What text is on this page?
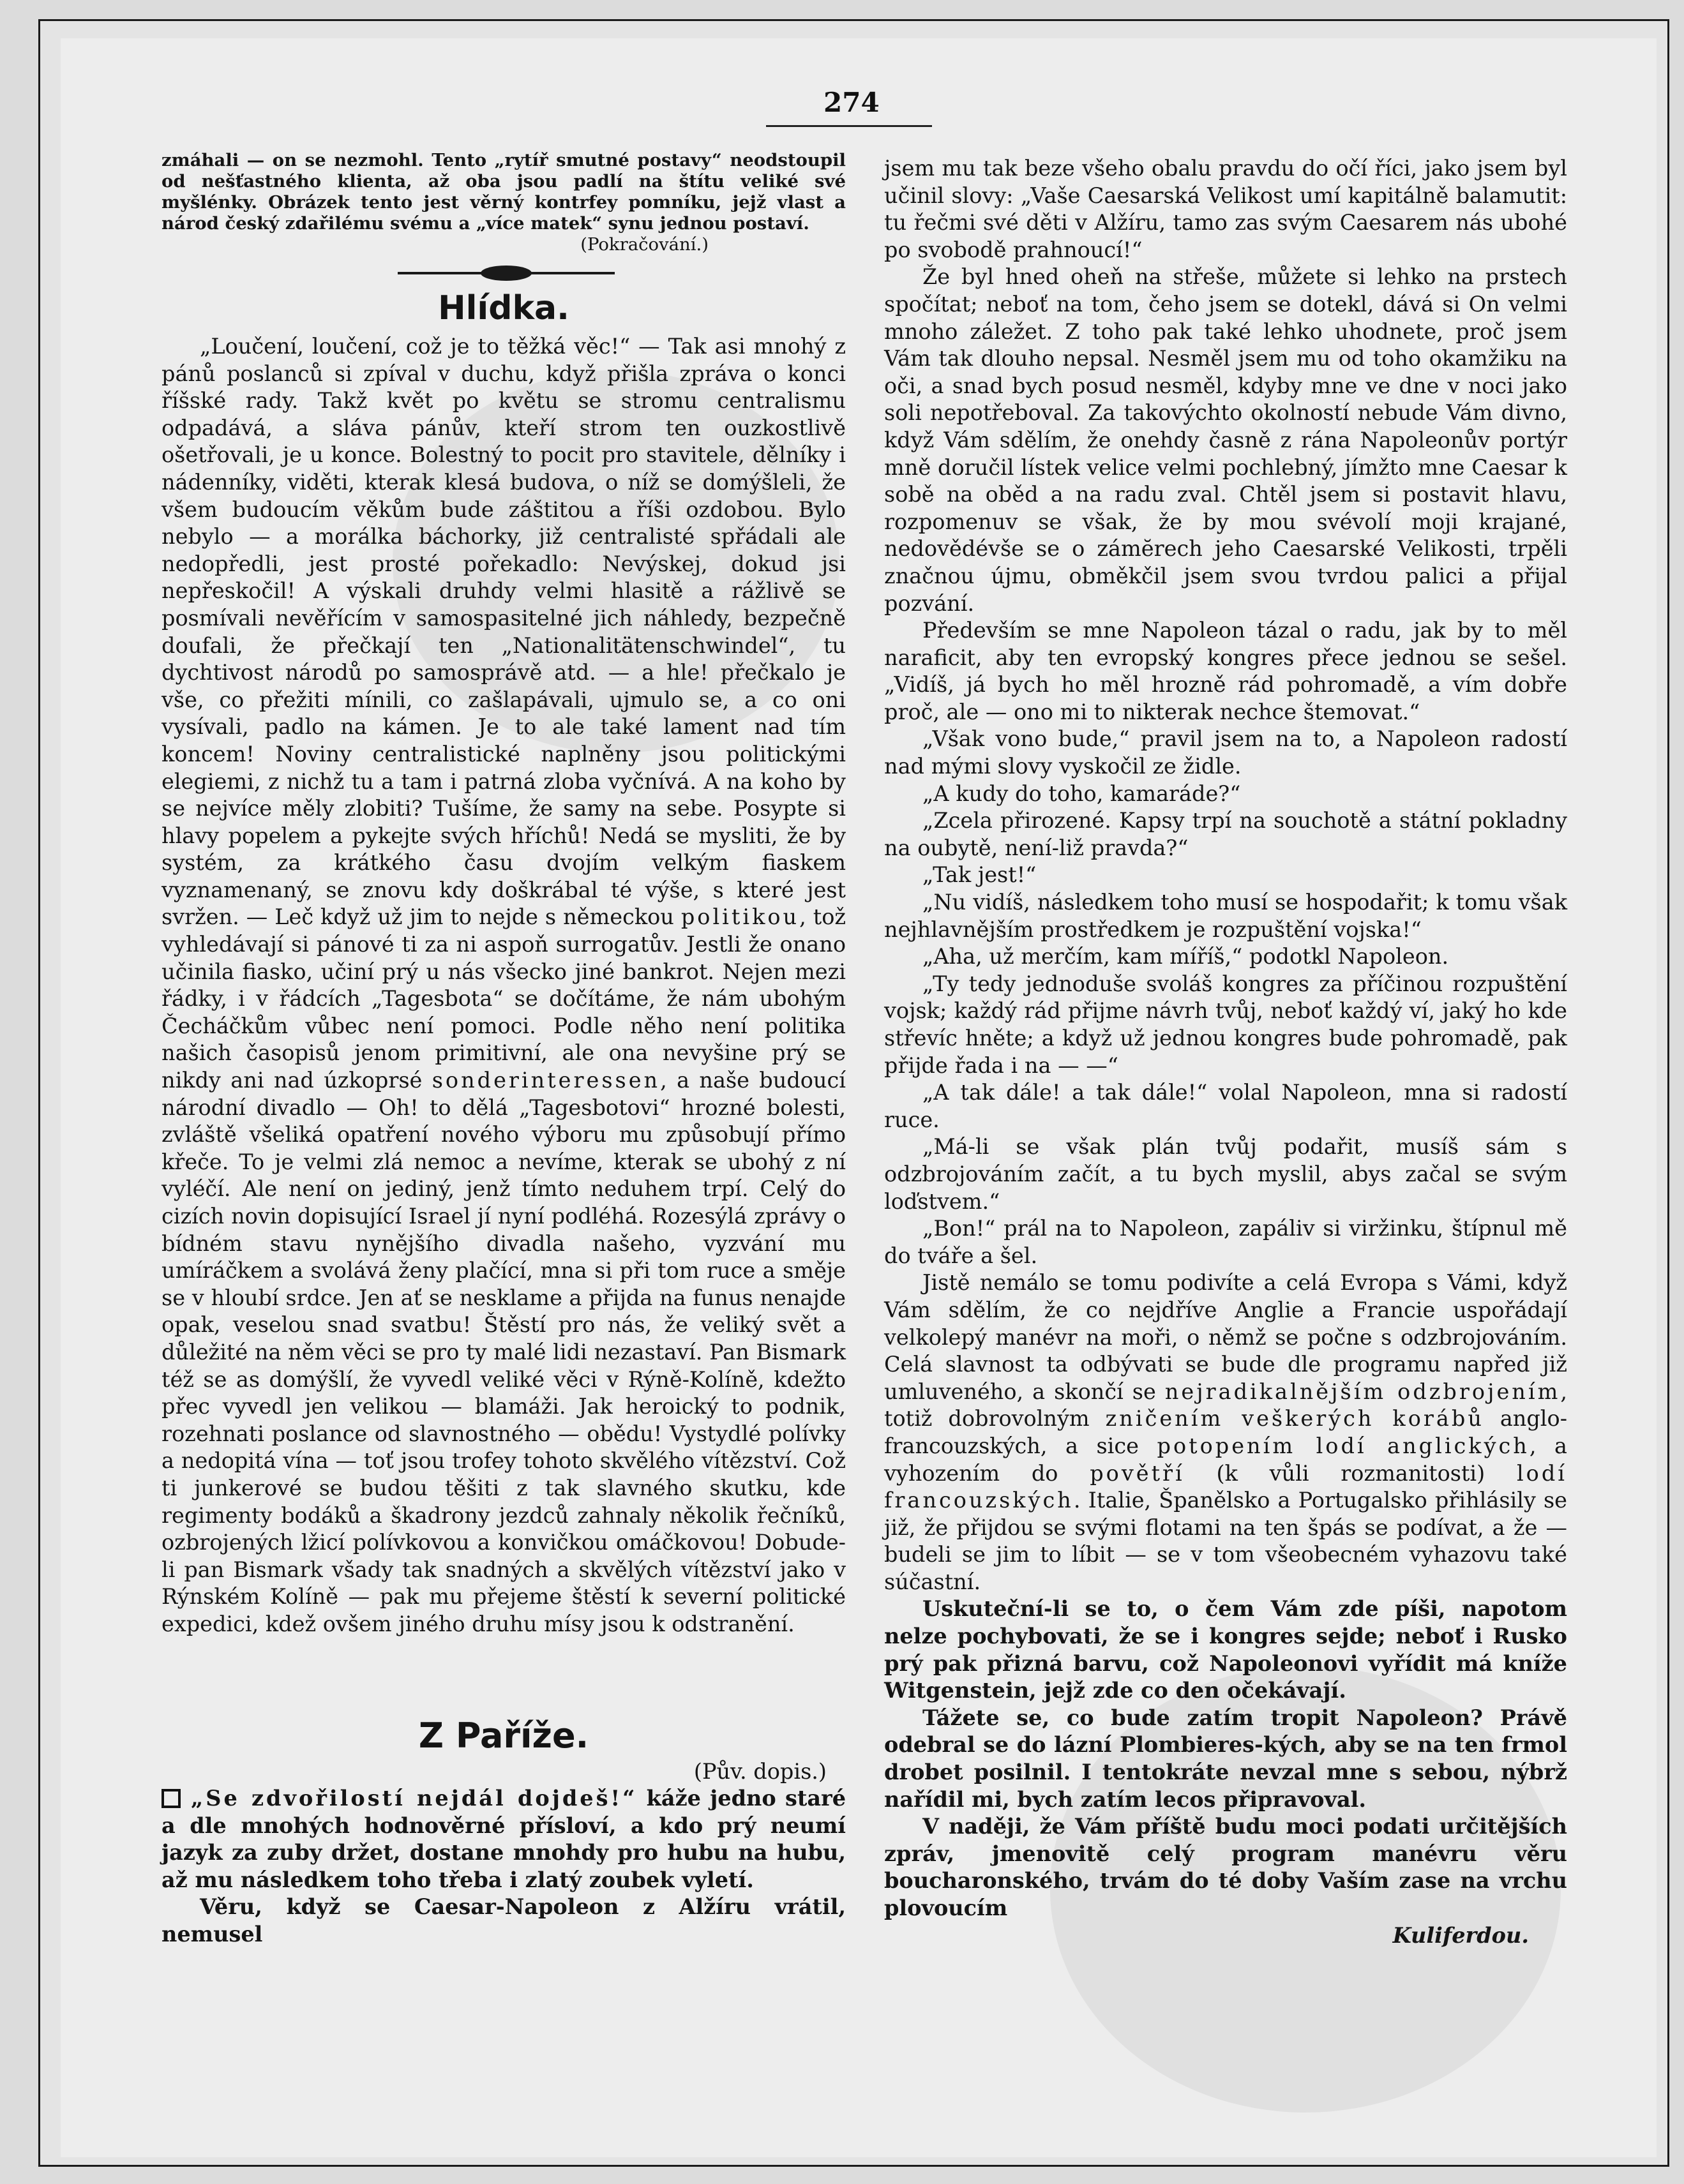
274

zmáhali — on se nezmohl. Tento „rytíř smutné postavy“ neodstoupil od nešťastného klienta, až oba jsou padlí na štítu veliké své myšlénky. Obrázek tento jest věrný kontrfey pomníku, jejž vlast a národ český zdařilému svému a „více matek“ synu jednou postaví.

(Pokračování.)

Hlídka.

„Loučení, loučení, což je to těžká věc!“ — Tak asi mnohý z pánů poslanců si zpíval v duchu, když přišla zpráva o konci říšské rady. Takž květ po květu se stromu centralismu odpadává, a sláva pánův, kteří strom ten ouzkostlivě ošetřovali, je u konce. Bolestný to pocit pro stavitele, dělníky i nádenníky, viděti, kterak klesá budova, o níž se domýšleli, že všem budoucím věkům bude záštitou a říši ozdobou. Bylo nebylo — a morálka báchorky, již centralisté spřádali ale nedopředli, jest prosté pořekadlo: Nevýskej, dokud jsi nepřeskočil! A výskali druhdy velmi hlasitě a rážlivě se posmívali nevěřícím v samospasitelné jich náhledy, bezpečně doufali, že přečkají ten „Nationalitätenschwindel“, tu dychtivost národů po samosprávě atd. — a hle! přečkalo je vše, co přežiti mínili, co zašlapávali, ujmulo se, a co oni vysívali, padlo na kámen. Je to ale také lament nad tím koncem! Noviny centralistické naplněny jsou politickými elegiemi, z nichž tu a tam i patrná zloba vyčnívá. A na koho by se nejvíce měly zlobiti? Tušíme, že samy na sebe. Posypte si hlavy popelem a pykejte svých hříchů! Nedá se mysliti, že by systém, za krátkého času dvojím velkým fiaskem vyznamenaný, se znovu kdy doškrábal té výše, s které jest svržen. — Leč když už jim to nejde s německou politikou, tož vyhledávají si pánové ti za ni aspoň surrogatův. Jestli že onano učinila fiasko, učiní prý u nás všecko jiné bankrot. Nejen mezi řádky, i v řádcích „Tagesbota“ se dočítáme, že nám ubohým Čecháčkům vůbec není pomoci. Podle něho není politika našich časopisů jenom primitivní, ale ona nevyšine prý se nikdy ani nad úzkoprsé sonderinteressen, a naše budoucí národní divadlo — Oh! to dělá „Tagesbotovi“ hrozné bolesti, zvláště všeliká opatření nového výboru mu způsobují přímo křeče. To je velmi zlá nemoc a nevíme, kterak se ubohý z ní vyléčí. Ale není on jediný, jenž tímto neduhem trpí. Celý do cizích novin dopisující Israel jí nyní podléhá. Rozesýlá zprávy o bídném stavu nynějšího divadla našeho, vyzvání mu umíráčkem a svolává ženy plačící, mna si při tom ruce a směje se v hloubí srdce. Jen ať se nesklame a přijda na funus nenajde opak, veselou snad svatbu! Štěstí pro nás, že veliký svět a důležité na něm věci se pro ty malé lidi nezastaví. Pan Bismark též se as domýšlí, že vyvedl veliké věci v Rýně-Kolíně, kdežto přec vyvedl jen velikou — blamáži. Jak heroický to podnik, rozehnati poslance od slavnostného — obědu! Vystydlé polívky a nedopitá vína — toť jsou trofey tohoto skvělého vítězství. Což ti junkerové se budou těšiti z tak slavného skutku, kde regimenty bodáků a škadrony jezdců zahnaly několik řečníků, ozbrojených lžicí polívkovou a konvičkou omáčkovou! Dobude-li pan Bismark všady tak snadných a skvělých vítězství jako v Rýnském Kolíně — pak mu přejeme štěstí k severní politické expedici, kdež ovšem jiného druhu mísy jsou k odstranění.

Z Paříže.

(Pův. dopis.)

„Se zdvořilostí nejdál dojdeš!“ káže jedno staré a dle mnohých hodnověrné přísloví, a kdo prý neumí jazyk za zuby držet, dostane mnohdy pro hubu na hubu, až mu následkem toho třeba i zlatý zoubek vyletí.

Věru, když se Caesar-Napoleon z Alžíru vrátil, nemusel

jsem mu tak beze všeho obalu pravdu do očí říci, jako jsem byl učinil slovy: „Vaše Caesarská Velikost umí kapitálně balamutit: tu řečmi své děti v Alžíru, tamo zas svým Caesarem nás ubohé po svobodě prahnoucí!“

Že byl hned oheň na střeše, můžete si lehko na prstech spočítat; neboť na tom, čeho jsem se dotekl, dává si On velmi mnoho záležet. Z toho pak také lehko uhodnete, proč jsem Vám tak dlouho nepsal. Nesměl jsem mu od toho okamžiku na oči, a snad bych posud nesměl, kdyby mne ve dne v noci jako soli nepotřeboval. Za takovýchto okolností nebude Vám divno, když Vám sdělím, že onehdy časně z rána Napoleonův portýr mně doručil lístek velice velmi pochlebný, jímžto mne Caesar k sobě na oběd a na radu zval. Chtěl jsem si postavit hlavu, rozpomenuv se však, že by mou svévolí moji krajané, nedovědévše se o zámĕrech jeho Caesarské Velikosti, trpěli značnou újmu, obměkčil jsem svou tvrdou palici a přijal pozvání.

Především se mne Napoleon tázal o radu, jak by to měl naraficit, aby ten evropský kongres přece jednou se sešel. „Vidíš, já bych ho měl hrozně rád pohromadě, a vím dobře proč, ale — ono mi to nikterak nechce štemovat.“

„Však vono bude,“ pravil jsem na to, a Napoleon radostí nad mými slovy vyskočil ze židle.

„A kudy do toho, kamaráde?“

„Zcela přirozené. Kapsy trpí na souchotě a státní pokladny na oubytě, není-liž pravda?“

„Tak jest!“

„Nu vidíš, následkem toho musí se hospodařit; k tomu však nejhlavnějším prostředkem je rozpuštění vojska!“

„Aha, už merčím, kam míříš,“ podotkl Napoleon.

„Ty tedy jednoduše svoláš kongres za příčinou rozpuštění vojsk; každý rád přijme návrh tvůj, neboť každý ví, jaký ho kde střevíc hněte; a když už jednou kongres bude pohromadě, pak přijde řada i na — —“

„A tak dále! a tak dále!“ volal Napoleon, mna si radostí ruce.

„Má-li se však plán tvůj podařit, musíš sám s odzbrojováním začít, a tu bych myslil, abys začal se svým loďstvem.“

„Bon!“ prál na to Napoleon, zapáliv si viržinku, štípnul mě do tváře a šel.

Jistě nemálo se tomu podivíte a celá Evropa s Vámi, když Vám sdělím, že co nejdříve Anglie a Francie uspořádají velkolepý manévr na moři, o němž se počne s odzbrojováním. Celá slavnost ta odbývati se bude dle programu napřed již umluveného, a skončí se nejradikalnějším odzbrojením, totiž dobrovolným zničením veškerých korábů anglo-francouzských, a sice potopením lodí anglických, a vyhozením do povětří (k vůli rozmanitosti) lodí francouzských. Italie, Španělsko a Portugalsko přihlásily se již, že přijdou se svými flotami na ten špás se podívat, a že — budeli se jim to líbit — se v tom všeobecném vyhazovu také súčastní.

Uskuteční-li se to, o čem Vám zde píši, napotom nelze pochybovati, že se i kongres sejde; neboť i Rusko prý pak přizná barvu, což Napoleonovi vyřídit má kníže Witgenstein, jejž zde co den očekávají.

Tážete se, co bude zatím tropit Napoleon? Právě odebral se do lázní Plombieres-kých, aby se na ten frmol drobet posilnil. I tentokráte nevzal mne s sebou, nýbrž nařídil mi, bych zatím lecos připravoval.

V naději, že Vám příště budu moci podati určitějších zpráv, jmenovitě celý program manévru věru boucharonského, trvám do té doby Vaším zase na vrchu plovoucím

Kuliferdou.
